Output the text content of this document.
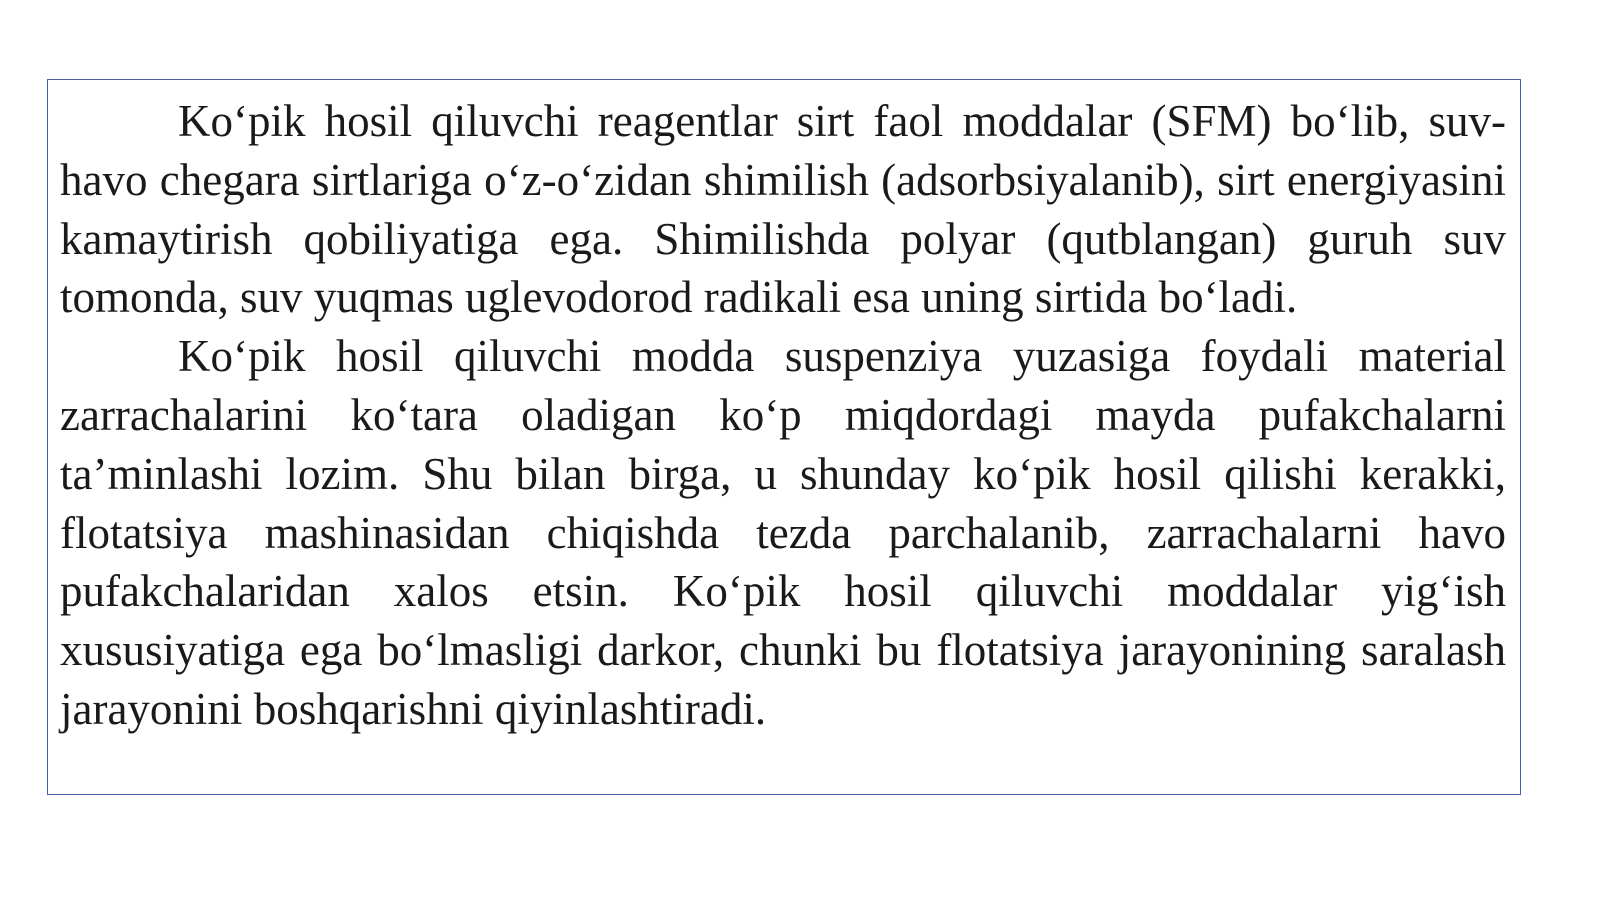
Ko‘pik hosil qiluvchi reagentlar sirt faol moddalar (SFM) bo‘lib, suv-havo chegara sirtlariga o‘z-o‘zidan shimilish (adsorbsiyalanib), sirt energiyasini kamaytirish qobiliyatiga ega. Shimilishda polyar (qutblangan) guruh suv tomonda, suv yuqmas uglevodorod radikali esa uning sirtida bo‘ladi.

Ko‘pik hosil qiluvchi modda suspenziya yuzasiga foydali material zarrachalarini ko‘tara oladigan ko‘p miqdordagi mayda pufakchalarni ta’minlashi lozim. Shu bilan birga, u shunday ko‘pik hosil qilishi kerakki, flotatsiya mashinasidan chiqishda tezda parchalanib, zarrachalarni havo pufakchalaridan xalos etsin. Ko‘pik hosil qiluvchi moddalar yig‘ish xususiyatiga ega bo‘lmasligi darkor, chunki bu flotatsiya jarayonining saralash jarayonini boshqarishni qiyinlashtiradi.
